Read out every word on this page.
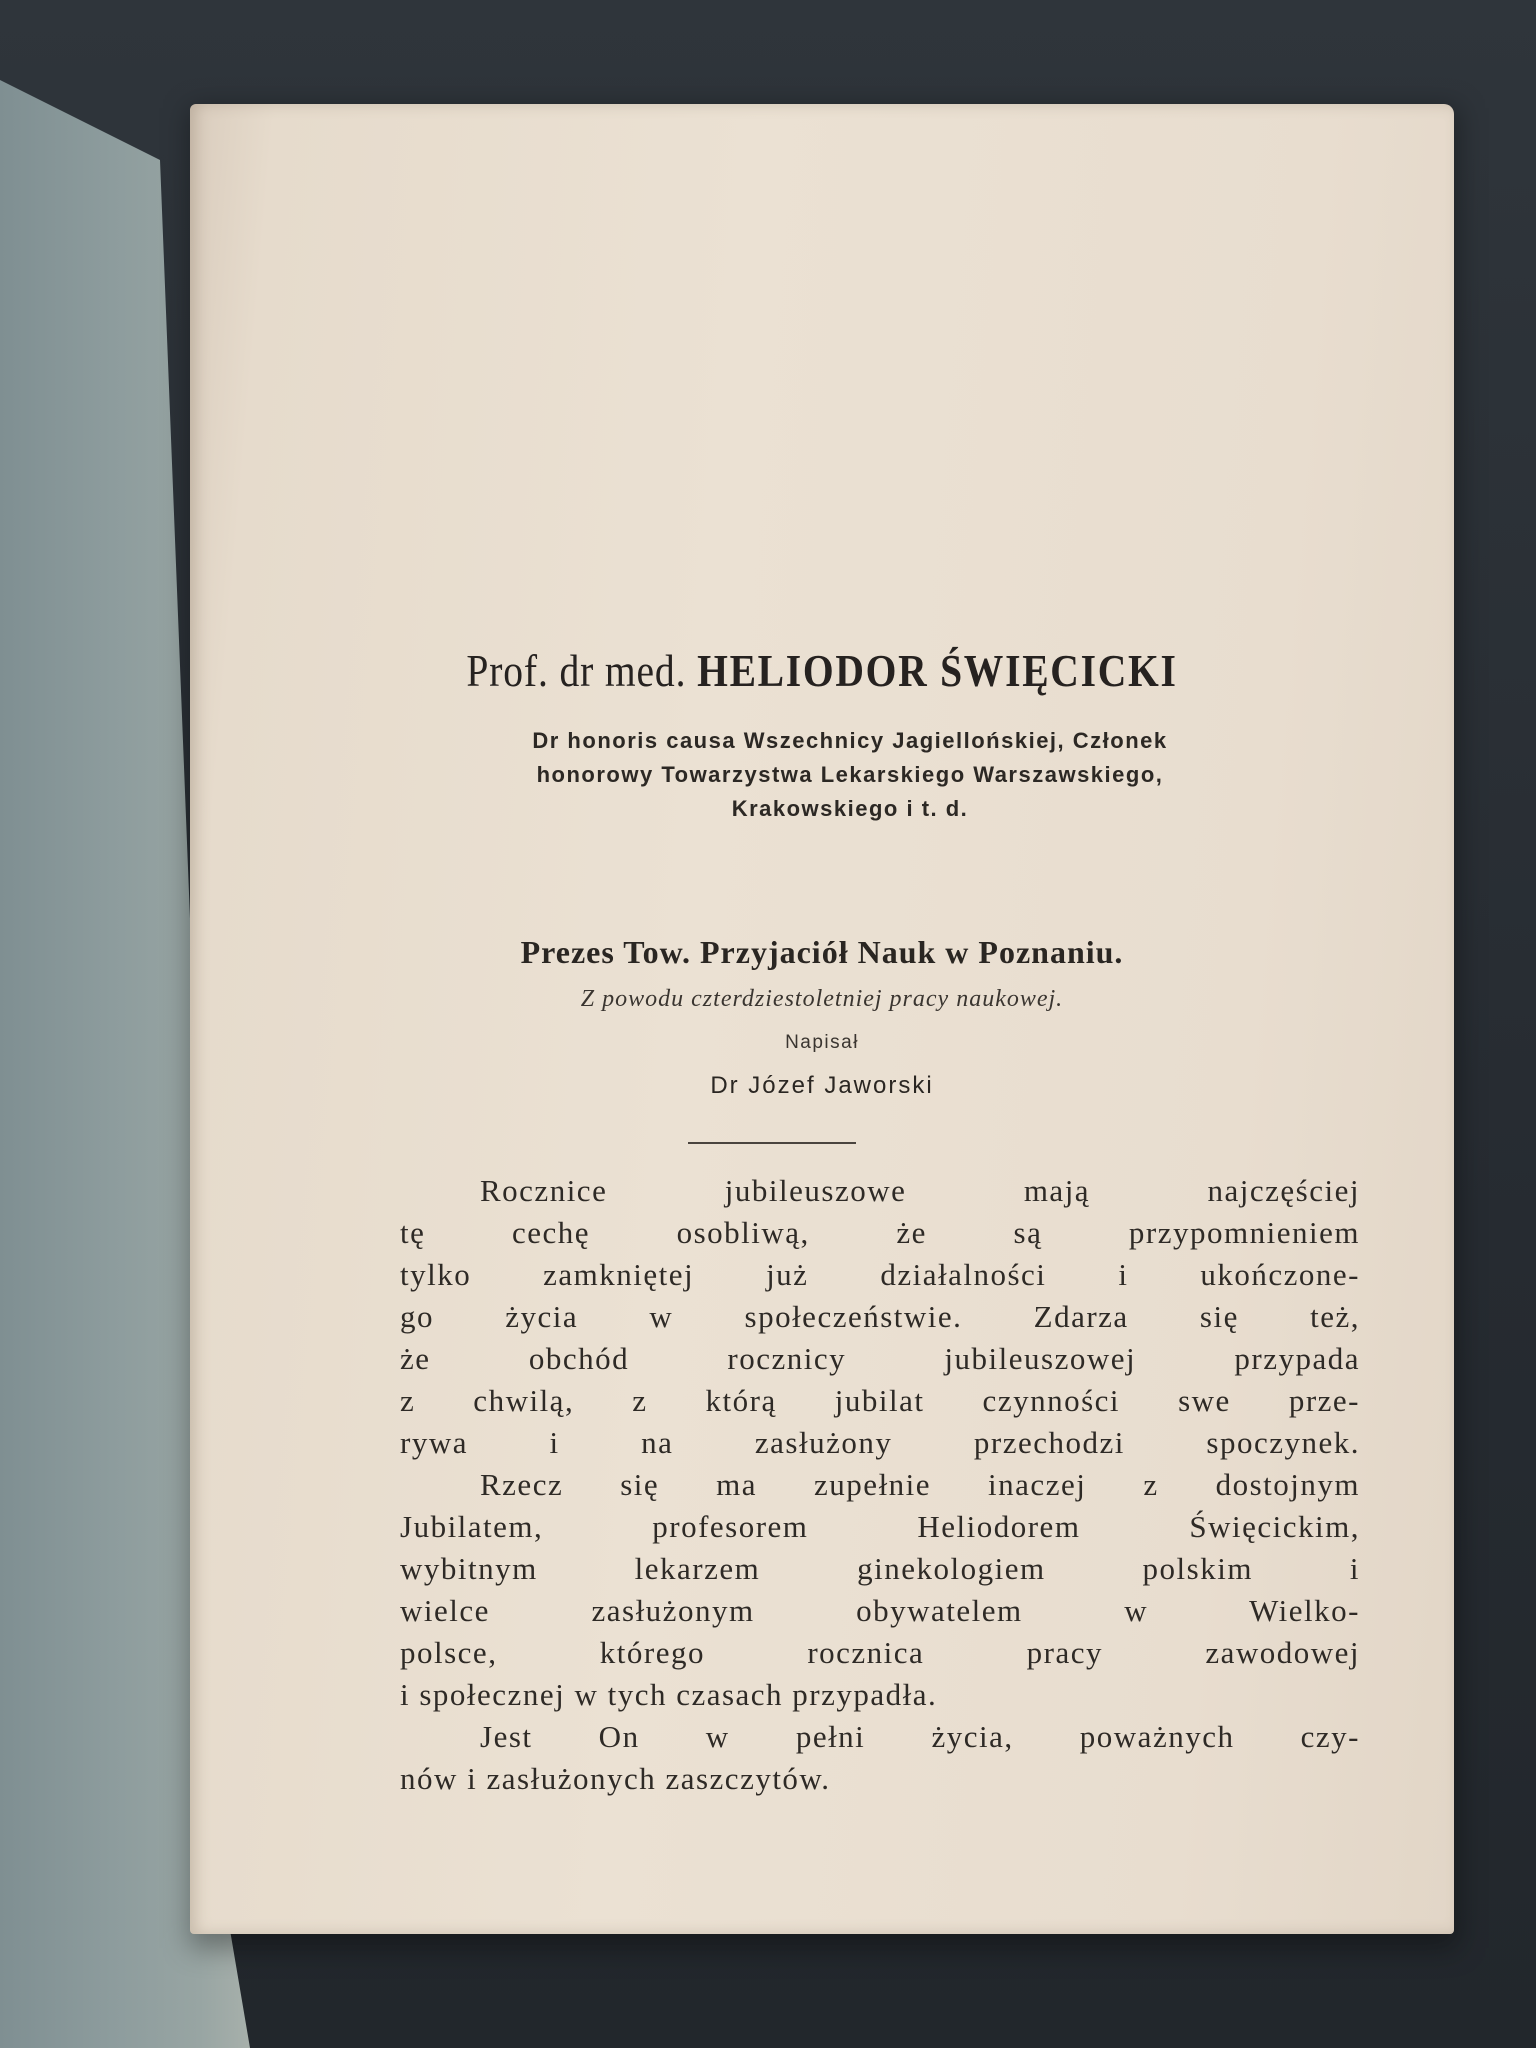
Prof. dr med. HELIODOR ŚWIĘCICKI
Dr honoris causa Wszechnicy Jagiellońskiej, Członek
honorowy Towarzystwa Lekarskiego Warszawskiego,
Krakowskiego i t. d.
Prezes Tow. Przyjaciół Nauk w Poznaniu.
Z powodu czterdziestoletniej pracy naukowej.
Napisał
Dr Józef Jaworski

Rocznice jubileuszowe mają najczęściej
tę cechę osobliwą, że są przypomnieniem
tylko zamkniętej już działalności i ukończone-
go życia w społeczeństwie. Zdarza się też,
że obchód rocznicy jubileuszowej przypada
z chwilą, z którą jubilat czynności swe prze-
rywa i na zasłużony przechodzi spoczynek.

Rzecz się ma zupełnie inaczej z dostojnym
Jubilatem, profesorem Heliodorem Święcickim,
wybitnym lekarzem ginekologiem polskim i
wielce zasłużonym obywatelem w Wielko-
polsce, którego rocznica pracy zawodowej
i społecznej w tych czasach przypadła.

Jest On w pełni życia, poważnych czy-
nów i zasłużonych zaszczytów.
